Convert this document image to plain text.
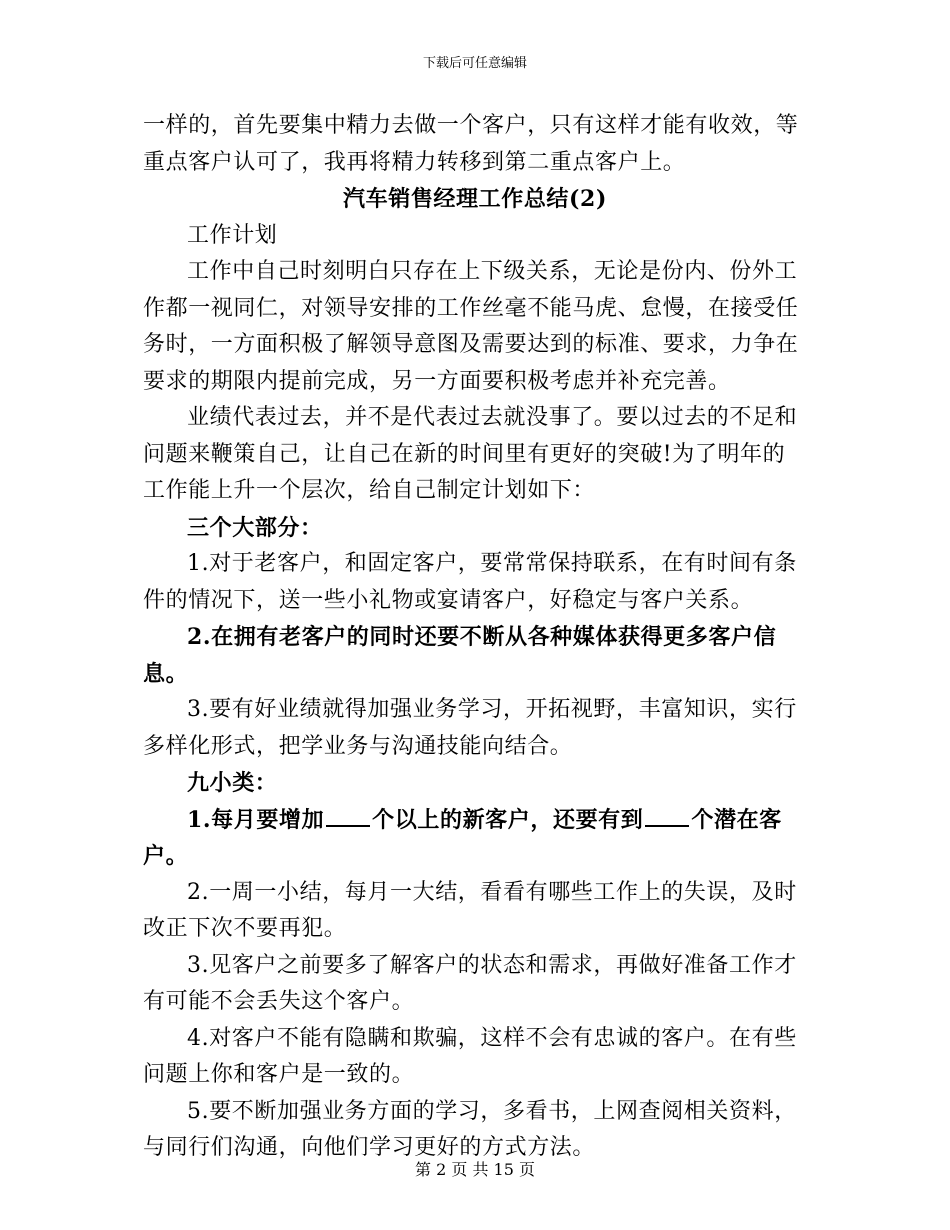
下载后可任意编辑

一样的，首先要集中精力去做一个客户，只有这样才能有收效，等重点客户认可了，我再将精力转移到第二重点客户上。

汽车销售经理工作总结(2)

工作计划

工作中自己时刻明白只存在上下级关系，无论是份内、份外工作都一视同仁，对领导安排的工作丝毫不能马虎、怠慢，在接受任务时，一方面积极了解领导意图及需要达到的标准、要求，力争在要求的期限内提前完成，另一方面要积极考虑并补充完善。

业绩代表过去，并不是代表过去就没事了。要以过去的不足和问题来鞭策自己，让自己在新的时间里有更好的突破!为了明年的工作能上升一个层次，给自己制定计划如下：

三个大部分：

1.对于老客户，和固定客户，要常常保持联系，在有时间有条件的情况下，送一些小礼物或宴请客户，好稳定与客户关系。

2.在拥有老客户的同时还要不断从各种媒体获得更多客户信息。

3.要有好业绩就得加强业务学习，开拓视野，丰富知识，实行多样化形式，把学业务与沟通技能向结合。

九小类：

1.每月要增加 个以上的新客户，还要有到 个潜在客户。

2.一周一小结，每月一大结，看看有哪些工作上的失误，及时改正下次不要再犯。

3.见客户之前要多了解客户的状态和需求，再做好准备工作才有可能不会丢失这个客户。

4.对客户不能有隐瞒和欺骗，这样不会有忠诚的客户。在有些问题上你和客户是一致的。

5.要不断加强业务方面的学习，多看书，上网查阅相关资料，与同行们沟通，向他们学习更好的方式方法。

第 2 页 共 15 页
